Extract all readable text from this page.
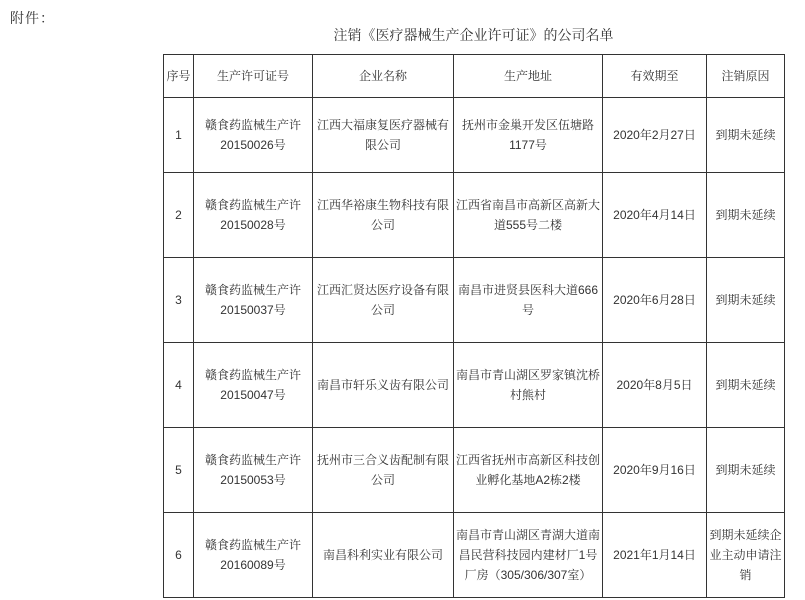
附件：
注销《医疗器械生产企业许可证》的公司名单
序号	生产许可证号	企业名称	生产地址	有效期至	注销原因
1	赣食药监械生产许20150026号	江西大福康复医疗器械有限公司	抚州市金巢开发区伍塘路1177号	2020年2月27日	到期未延续
2	赣食药监械生产许20150028号	江西华裕康生物科技有限公司	江西省南昌市高新区高新大道555号二楼	2020年4月14日	到期未延续
3	赣食药监械生产许20150037号	江西汇贤达医疗设备有限公司	南昌市进贤县医科大道666号	2020年6月28日	到期未延续
4	赣食药监械生产许20150047号	南昌市轩乐义齿有限公司	南昌市青山湖区罗家镇沈桥村熊村	2020年8月5日	到期未延续
5	赣食药监械生产许20150053号	抚州市三合义齿配制有限公司	江西省抚州市高新区科技创业孵化基地A2栋2楼	2020年9月16日	到期未延续
6	赣食药监械生产许20160089号	南昌科利实业有限公司	南昌市青山湖区青湖大道南昌民营科技园内建材厂1号厂房（305/306/307室）	2021年1月14日	到期未延续企业主动申请注销
